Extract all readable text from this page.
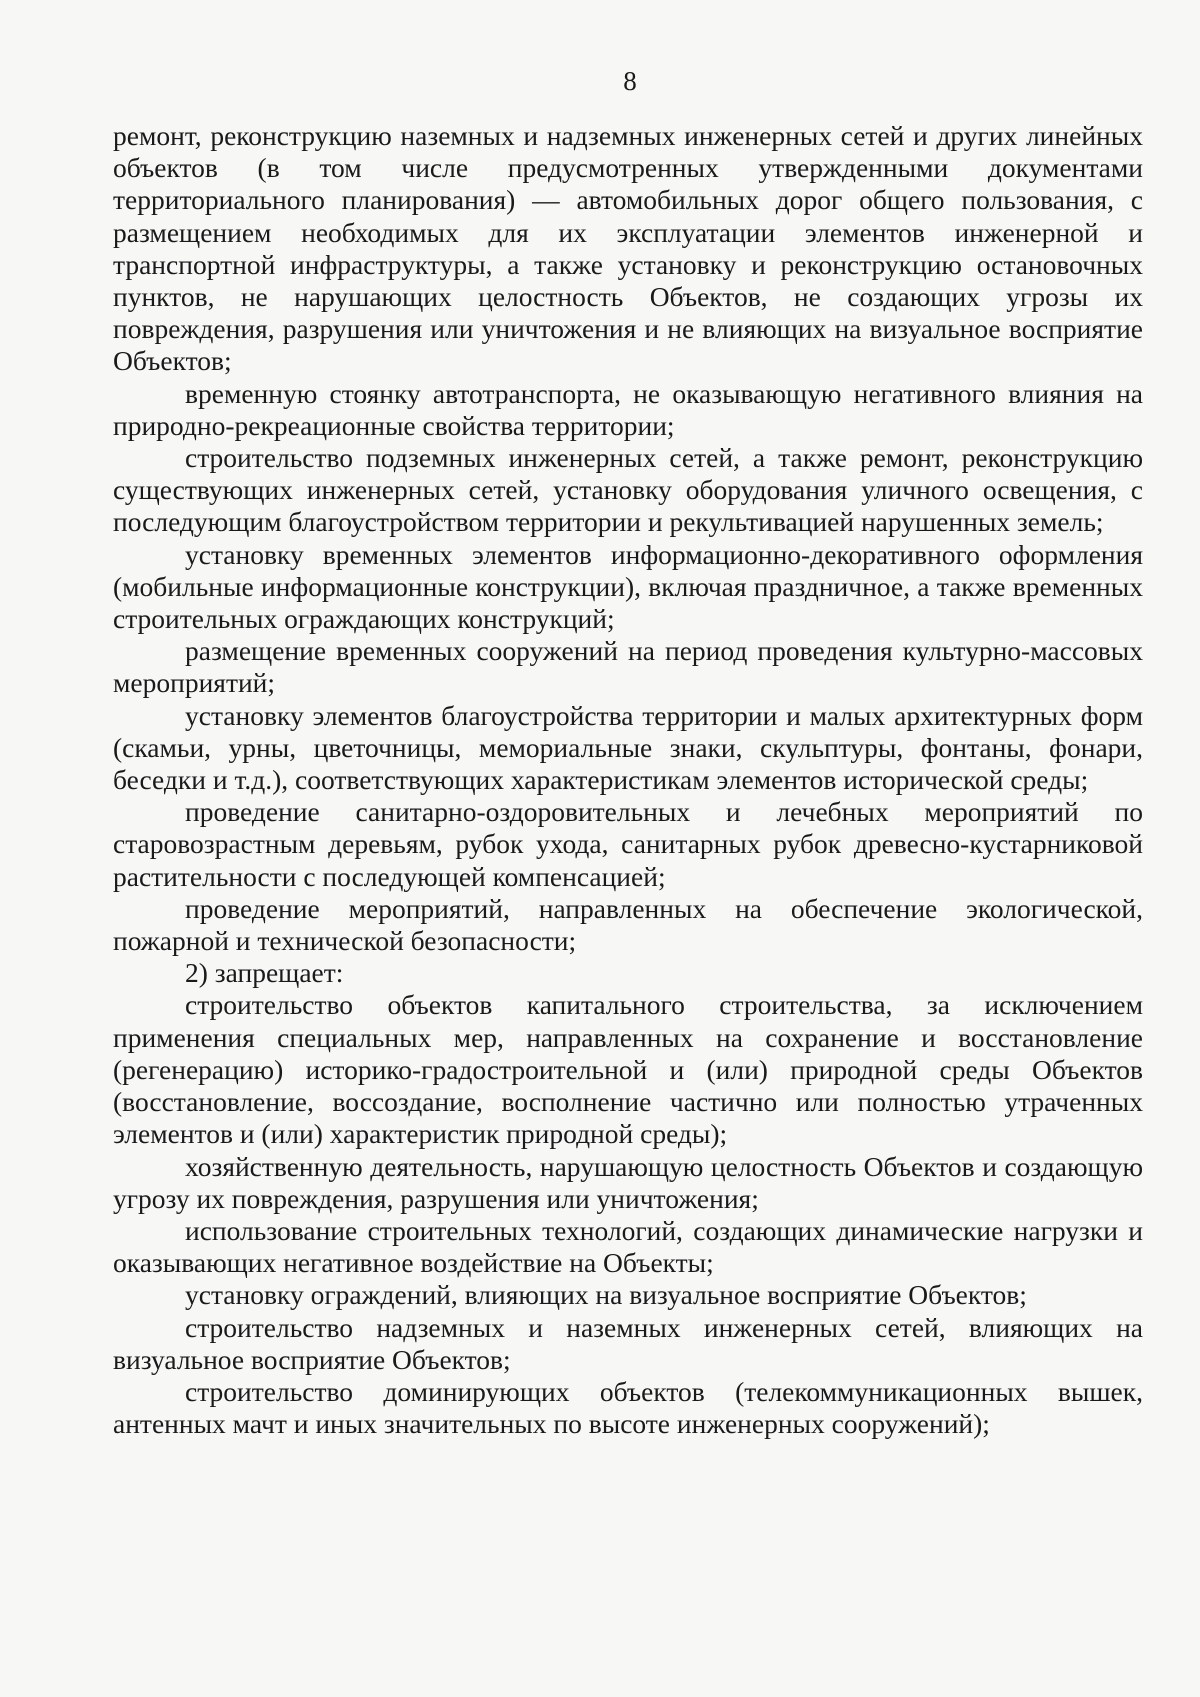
8

ремонт, реконструкцию наземных и надземных инженерных сетей и других линейных объектов (в том числе предусмотренных утвержденными документами территориального планирования) — автомобильных дорог общего пользования, с размещением необходимых для их эксплуатации элементов инженерной и транспортной инфраструктуры, а также установку и реконструкцию остановочных пунктов, не нарушающих целостность Объектов, не создающих угрозы их повреждения, разрушения или уничтожения и не влияющих на визуальное восприятие Объектов;

временную стоянку автотранспорта, не оказывающую негативного влияния на природно-рекреационные свойства территории;

строительство подземных инженерных сетей, а также ремонт, реконструкцию существующих инженерных сетей, установку оборудования уличного освещения, с последующим благоустройством территории и рекультивацией нарушенных земель;

установку временных элементов информационно-декоративного оформления (мобильные информационные конструкции), включая праздничное, а также временных строительных ограждающих конструкций;

размещение временных сооружений на период проведения культурно-массовых мероприятий;

установку элементов благоустройства территории и малых архитектурных форм (скамьи, урны, цветочницы, мемориальные знаки, скульптуры, фонтаны, фонари, беседки и т.д.), соответствующих характеристикам элементов исторической среды;

проведение санитарно-оздоровительных и лечебных мероприятий по старовозрастным деревьям, рубок ухода, санитарных рубок древесно-кустарниковой растительности с последующей компенсацией;

проведение мероприятий, направленных на обеспечение экологической, пожарной и технической безопасности;

2) запрещает:

строительство объектов капитального строительства, за исключением применения специальных мер, направленных на сохранение и восстановление (регенерацию) историко-градостроительной и (или) природной среды Объектов (восстановление, воссоздание, восполнение частично или полностью утраченных элементов и (или) характеристик природной среды);

хозяйственную деятельность, нарушающую целостность Объектов и создающую угрозу их повреждения, разрушения или уничтожения;

использование строительных технологий, создающих динамические нагрузки и оказывающих негативное воздействие на Объекты;

установку ограждений, влияющих на визуальное восприятие Объектов;

строительство надземных и наземных инженерных сетей, влияющих на визуальное восприятие Объектов;

строительство доминирующих объектов (телекоммуникационных вышек, антенных мачт и иных значительных по высоте инженерных сооружений);
